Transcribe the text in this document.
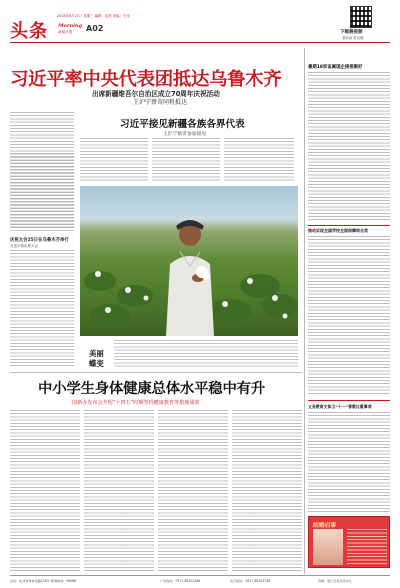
2024年8月21日 星期三 编辑：吴萍 美编：王伟
头条 Morning
新闻早报 A02	下载晨视频
看新闻 看直播
习近平率中央代表团抵达乌鲁木齐
出席新疆维吾尔自治区成立70周年庆祝活动
王沪宁蔡奇同机抵达
习近平接见新疆各族各界代表
王沪宁蔡奇参加接见
美丽蝶变
庆祝大会25日在乌鲁木齐举行
习近平将出席大会
中小学生身体健康总体水平稳中有升
国新办发布会介绍“十四五”时期坚持健康教育等措施成效
暑期18家省属国企接捐聚好
推动实现全国学校全面保障综合类
义务教育文体卫“十一”普教比重事项
结婚启事
社址：杭州市体育场路218号 新闻热线：96068	广告热线：0571-85102266	发行热线：0571-85103738	印刷：浙江日报印务中心
